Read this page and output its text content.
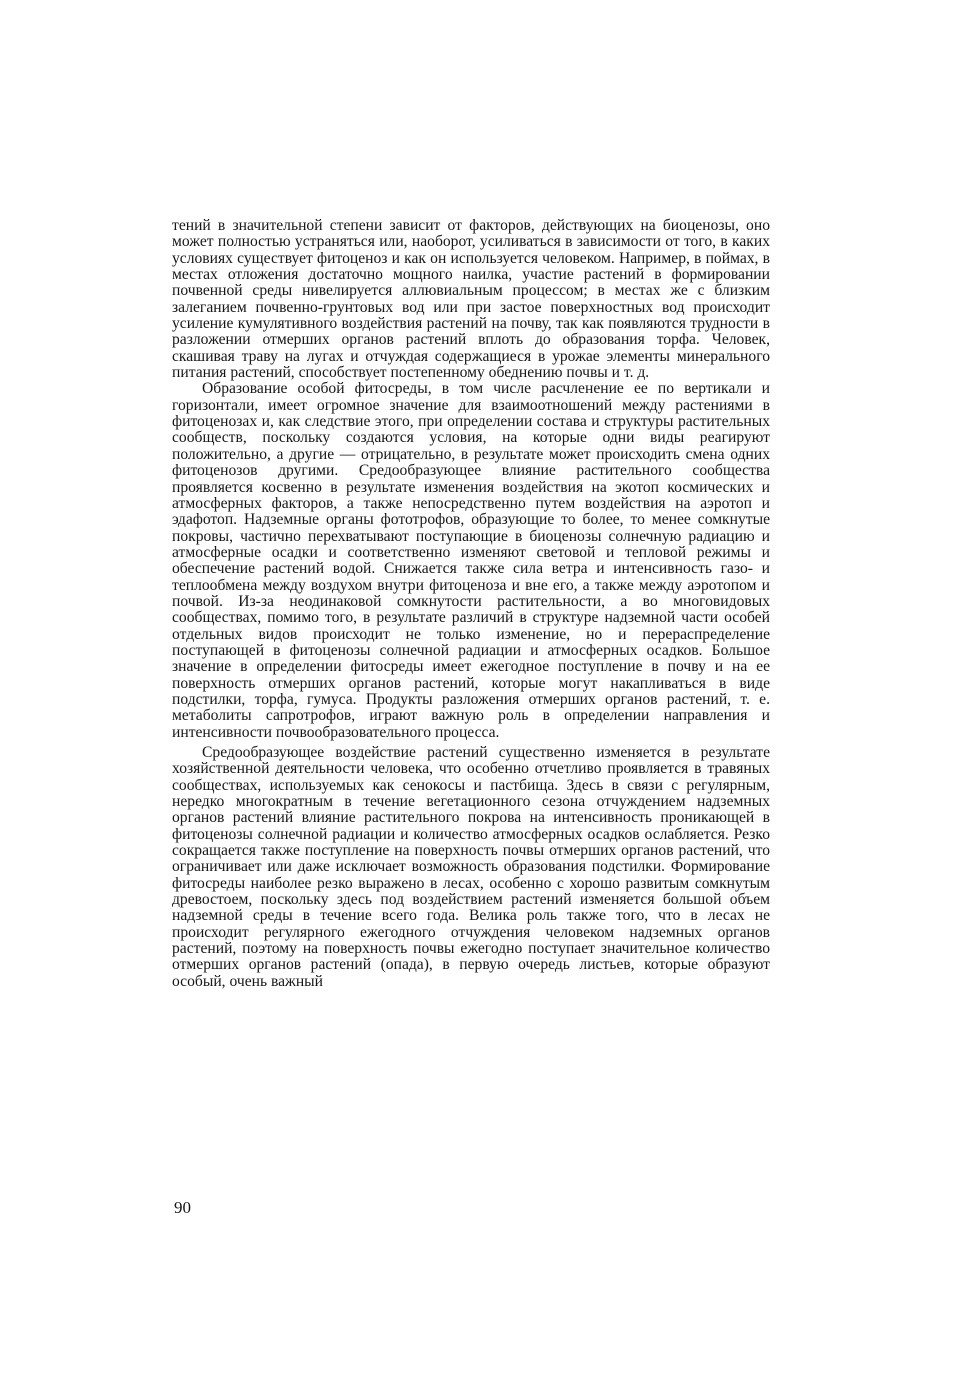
тений в значительной степени зависит от факторов, действующих на биоценозы, оно может полностью устраняться или, наоборот, усиливаться в зависимости от того, в каких условиях существует фитоценоз и как он используется человеком. Например, в поймах, в местах отложения достаточно мощного наилка, участие растений в формировании почвенной среды нивелируется аллювиальным процессом; в местах же с близким залеганием почвенно-грунтовых вод или при застое поверхностных вод происходит усиление кумулятивного воздействия растений на почву, так как появляются трудности в разложении отмерших органов растений вплоть до образования торфа. Человек, скашивая траву на лугах и отчуждая содержащиеся в урожае элементы минерального питания растений, способствует постепенному обеднению почвы и т. д.

Образование особой фитосреды, в том числе расчленение ее по вертикали и горизонтали, имеет огромное значение для взаимоотношений между растениями в фитоценозах и, как следствие этого, при определении состава и структуры растительных сообществ, поскольку создаются условия, на которые одни виды реагируют положительно, а другие — отрицательно, в результате может происходить смена одних фитоценозов другими. Средообразующее влияние растительного сообщества проявляется косвенно в результате изменения воздействия на экотоп космических и атмосферных факторов, а также непосредственно путем воздействия на аэротоп и эдафотоп. Надземные органы фототрофов, образующие то более, то менее сомкнутые покровы, частично перехватывают поступающие в биоценозы солнечную радиацию и атмосферные осадки и соответственно изменяют световой и тепловой режимы и обеспечение растений водой. Снижается также сила ветра и интенсивность газо- и теплообмена между воздухом внутри фитоценоза и вне его, а также между аэротопом и почвой. Из-за неодинаковой сомкнутости растительности, а во многовидовых сообществах, помимо того, в результате различий в структуре надземной части особей отдельных видов происходит не только изменение, но и перераспределение поступающей в фитоценозы солнечной радиации и атмосферных осадков. Большое значение в определении фитосреды имеет ежегодное поступление в почву и на ее поверхность отмерших органов растений, которые могут накапливаться в виде подстилки, торфа, гумуса. Продукты разложения отмерших органов растений, т. е. метаболиты сапротрофов, играют важную роль в определении направления и интенсивности почвообразовательного процесса.

Средообразующее воздействие растений существенно изменяется в результате хозяйственной деятельности человека, что особенно отчетливо проявляется в травяных сообществах, используемых как сенокосы и пастбища. Здесь в связи с регулярным, нередко многократным в течение вегетационного сезона отчуждением надземных органов растений влияние растительного покрова на интенсивность проникающей в фитоценозы солнечной радиации и количество атмосферных осадков ослабляется. Резко сокращается также поступление на поверхность почвы отмерших органов растений, что ограничивает или даже исключает возможность образования подстилки. Формирование фитосреды наиболее резко выражено в лесах, особенно с хорошо развитым сомкнутым древостоем, поскольку здесь под воздействием растений изменяется большой объем надземной среды в течение всего года. Велика роль также того, что в лесах не происходит регулярного ежегодного отчуждения человеком надземных органов растений, поэтому на поверхность почвы ежегодно поступает значительное количество отмерших органов растений (опада), в первую очередь листьев, которые образуют особый, очень важный

90
